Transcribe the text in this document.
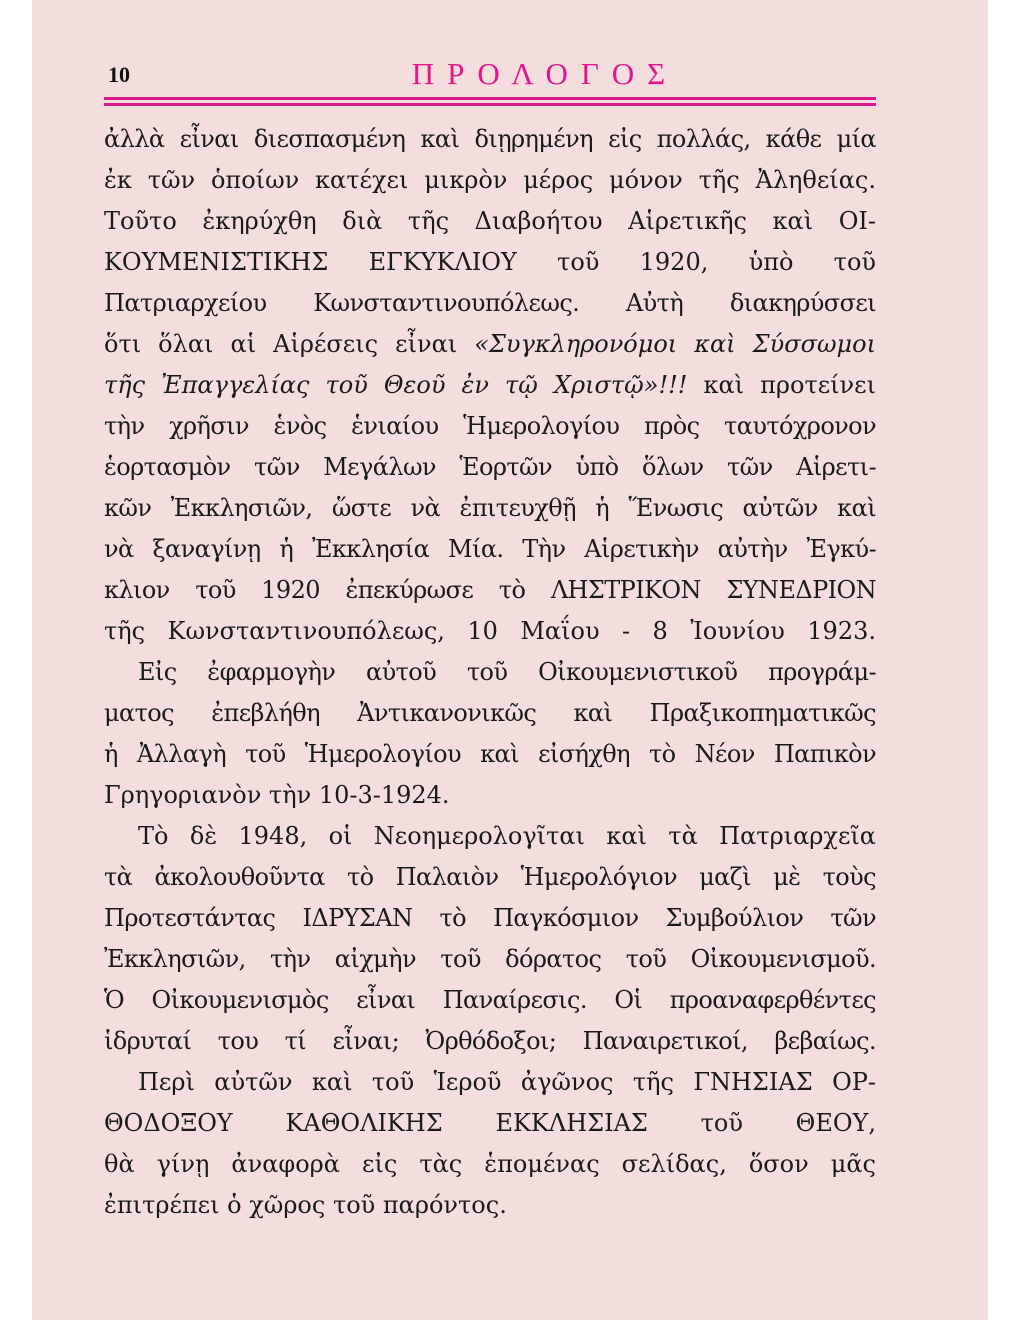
10	ΠΡΟΛΟΓΟΣ
ἀλλὰ εἶναι διεσπασμένη καὶ διῃρημένη εἰς πολλάς, κάθε μία
ἐκ τῶν ὁποίων κατέχει μικρὸν μέρος μόνον τῆς Ἀληθείας.
Τοῦτο ἐκηρύχθη διὰ τῆς Διαβοήτου Αἱρετικῆς καὶ ΟΙ-
ΚΟΥΜΕΝΙΣΤΙΚΗΣ ΕΓΚΥΚΛΙΟΥ τοῦ 1920, ὑπὸ τοῦ
Πατριαρχείου Κωνσταντινουπόλεως. Αὐτὴ διακηρύσσει
ὅτι ὅλαι αἱ Αἱρέσεις εἶναι «Συγκληρονόμοι καὶ Σύσσωμοι
τῆς Ἐπαγγελίας τοῦ Θεοῦ ἐν τῷ Χριστῷ»!!! καὶ προτείνει
τὴν χρῆσιν ἑνὸς ἑνιαίου Ἡμερολογίου πρὸς ταυτόχρονον
ἑορτασμὸν τῶν Μεγάλων Ἑορτῶν ὑπὸ ὅλων τῶν Αἱρετι-
κῶν Ἐκκλησιῶν, ὥστε νὰ ἐπιτευχθῇ ἡ Ἕνωσις αὐτῶν καὶ
νὰ ξαναγίνῃ ἡ Ἐκκλησία Μία. Τὴν Αἱρετικὴν αὐτὴν Ἐγκύ-
κλιον τοῦ 1920 ἐπεκύρωσε τὸ ΛΗΣΤΡΙΚΟΝ ΣΥΝΕΔΡΙΟΝ
τῆς Κωνσταντινουπόλεως, 10 Μαΐου - 8 Ἰουνίου 1923.
Εἰς ἐφαρμογὴν αὐτοῦ τοῦ Οἰκουμενιστικοῦ προγράμ-
ματος ἐπεβλήθη Ἀντικανονικῶς καὶ Πραξικοπηματικῶς
ἡ Ἀλλαγὴ τοῦ Ἡμερολογίου καὶ εἰσήχθη τὸ Νέον Παπικὸν
Γρηγοριανὸν τὴν 10-3-1924.
Τὸ δὲ 1948, οἱ Νεοημερολογῖται καὶ τὰ Πατριαρχεῖα
τὰ ἀκολουθοῦντα τὸ Παλαιὸν Ἡμερολόγιον μαζὶ μὲ τοὺς
Προτεστάντας ΙΔΡΥΣΑΝ τὸ Παγκόσμιον Συμβούλιον τῶν
Ἐκκλησιῶν, τὴν αἰχμὴν τοῦ δόρατος τοῦ Οἰκουμενισμοῦ.
Ὁ Οἰκουμενισμὸς εἶναι Παναίρεσις. Οἱ προαναφερθέντες
ἱδρυταί του τί εἶναι; Ὀρθόδοξοι; Παναιρετικοί, βεβαίως.
Περὶ αὐτῶν καὶ τοῦ Ἱεροῦ ἀγῶνος τῆς ΓΝΗΣΙΑΣ ΟΡ-
ΘΟΔΟΞΟΥ ΚΑΘΟΛΙΚΗΣ ΕΚΚΛΗΣΙΑΣ τοῦ ΘΕΟΥ,
θὰ γίνῃ ἀναφορὰ εἰς τὰς ἑπομένας σελίδας, ὅσον μᾶς
ἐπιτρέπει ὁ χῶρος τοῦ παρόντος.
